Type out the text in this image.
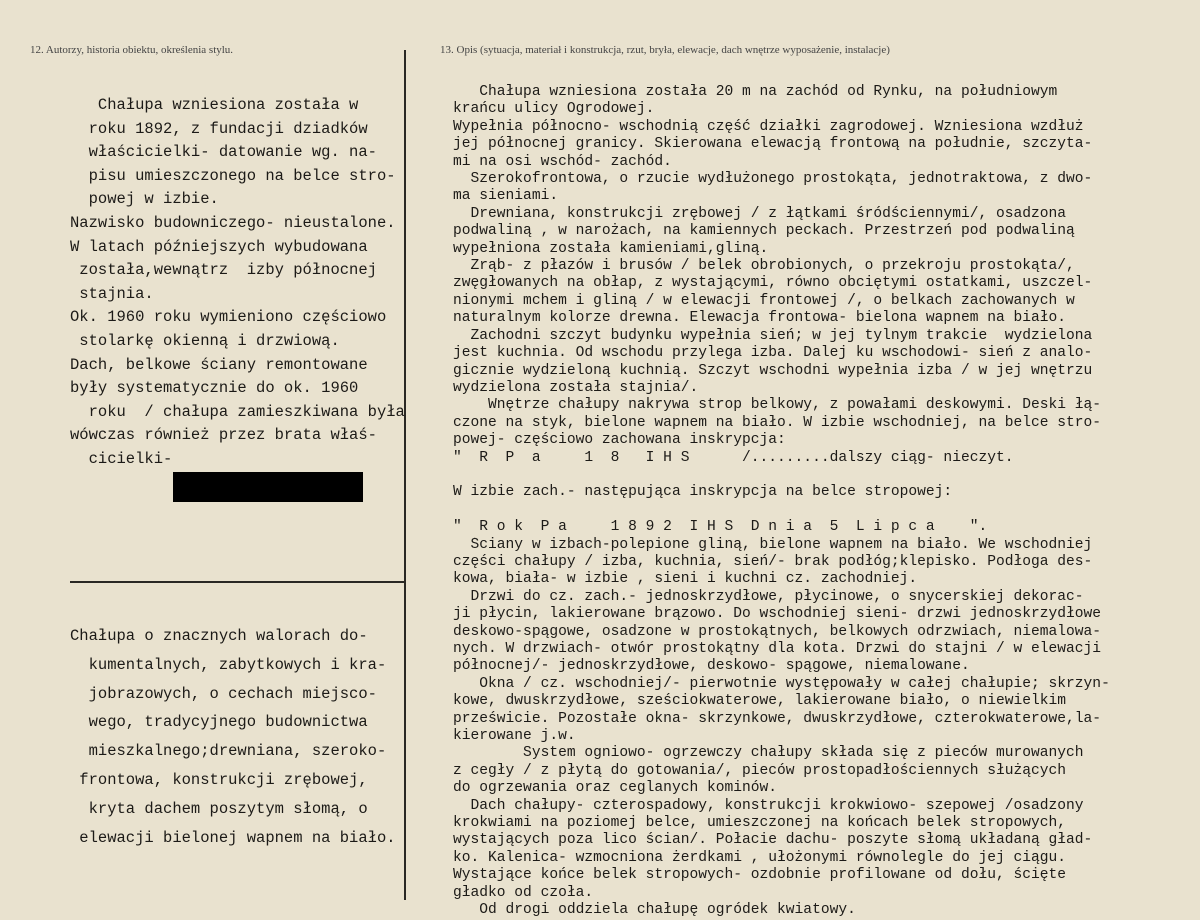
12. Autorzy, historia obiektu, określenia stylu.	13. Opis (sytuacja, materiał i konstrukcja, rzut, bryła, elewacje, dach wnętrze wyposażenie, instalacje)
Chałupa wzniesiona została w
roku 1892, z fundacji dziadków
właścicielki- datowanie wg. na-
pisu umieszczonego na belce stro-
powej w izbie.
Nazwisko budowniczego- nieustalone.
W latach późniejszych wybudowana
została,wewnątrz  izby północnej
stajnia.
Ok. 1960 roku wymieniono częściowo
stolarkę okienną i drzwiową.
Dach, belkowe ściany remontowane
były systematycznie do ok. 1960
roku  / chałupa zamieszkiwana była
wówczas również przez brata właś-
cicielki-
Chałupa o znacznych walorach do-
kumentalnych, zabytkowych i kra-
jobrazowych, o cechach miejsco-
wego, tradycyjnego budownictwa
mieszkalnego;drewniana, szeroko-
frontowa, konstrukcji zrębowej,
kryta dachem poszytym słomą, o
elewacji bielonej wapnem na biało.
Chałupa wzniesiona została 20 m na zachód od Rynku, na południowym
krańcu ulicy Ogrodowej.
Wypełnia północno- wschodnią część działki zagrodowej. Wzniesiona wzdłuż
jej północnej granicy. Skierowana elewacją frontową na południe, szczyta-
mi na osi wschód- zachód.
Szerokofrontowa, o rzucie wydłużonego prostokąta, jednotraktowa, z dwo-
ma sieniami.
Drewniana, konstrukcji zrębowej / z łątkami śródściennymi/, osadzona
podwaliną , w narożach, na kamiennych peckach. Przestrzeń pod podwaliną
wypełniona została kamieniami,gliną.
Zrąb- z płazów i brusów / belek obrobionych, o przekroju prostokąta/,
zwęgłowanych na obłap, z wystającymi, równo obciętymi ostatkami, uszczel-
nionymi mchem i gliną / w elewacji frontowej /, o belkach zachowanych w
naturalnym kolorze drewna. Elewacja frontowa- bielona wapnem na biało.
Zachodni szczyt budynku wypełnia sień; w jej tylnym trakcie  wydzielona
jest kuchnia. Od wschodu przylega izba. Dalej ku wschodowi- sień z analo-
gicznie wydzieloną kuchnią. Szczyt wschodni wypełnia izba / w jej wnętrzu
wydzielona została stajnia/.
Wnętrze chałupy nakrywa strop belkowy, z powałami deskowymi. Deski łą-
czone na styk, bielone wapnem na biało. W izbie wschodniej, na belce stro-
powej- częściowo zachowana inskrypcja:
"  R  P  a     1  8   I H S      /.........dalszy ciąg- nieczyt.

W izbie zach.- następująca inskrypcja na belce stropowej:

"  R o k  P a     1 8 9 2  I H S  D n i a  5  L i p c a    ".
Ściany w izbach-polepione gliną, bielone wapnem na biało. We wschodniej
części chałupy / izba, kuchnia, sień/- brak podłóg;klepisko. Podłoga des-
kowa, biała- w izbie , sieni i kuchni cz. zachodniej.
Drzwi do cz. zach.- jednoskrzydłowe, płycinowe, o snycerskiej dekorac-
ji płycin, lakierowane brązowo. Do wschodniej sieni- drzwi jednoskrzydłowe
deskowo-spągowe, osadzone w prostokątnych, belkowych odrzwiach, niemalowa-
nych. W drzwiach- otwór prostokątny dla kota. Drzwi do stajni / w elewacji
północnej/- jednoskrzydłowe, deskowo- spągowe, niemalowane.
Okna / cz. wschodniej/- pierwotnie występowały w całej chałupie; skrzyn-
kowe, dwuskrzydłowe, sześciokwaterowe, lakierowane biało, o niewielkim
prześwicie. Pozostałe okna- skrzynkowe, dwuskrzydłowe, czterokwaterowe,la-
kierowane j.w.
System ogniowo- ogrzewczy chałupy składa się z pieców murowanych
z cegły / z płytą do gotowania/, pieców prostopadłościennych służących
do ogrzewania oraz ceglanych kominów.
Dach chałupy- czterospadowy, konstrukcji krokwiowo- szepowej /osadzony
krokwiami na poziomej belce, umieszczonej na końcach belek stropowych,
wystających poza lico ścian/. Połacie dachu- poszyte słomą układaną gład-
ko. Kalenica- wzmocniona żerdkami , ułożonymi równolegle do jej ciągu.
Wystające końce belek stropowych- ozdobnie profilowane od dołu, ścięte
gładko od czoła.
Od drogi oddziela chałupę ogródek kwiatowy.
